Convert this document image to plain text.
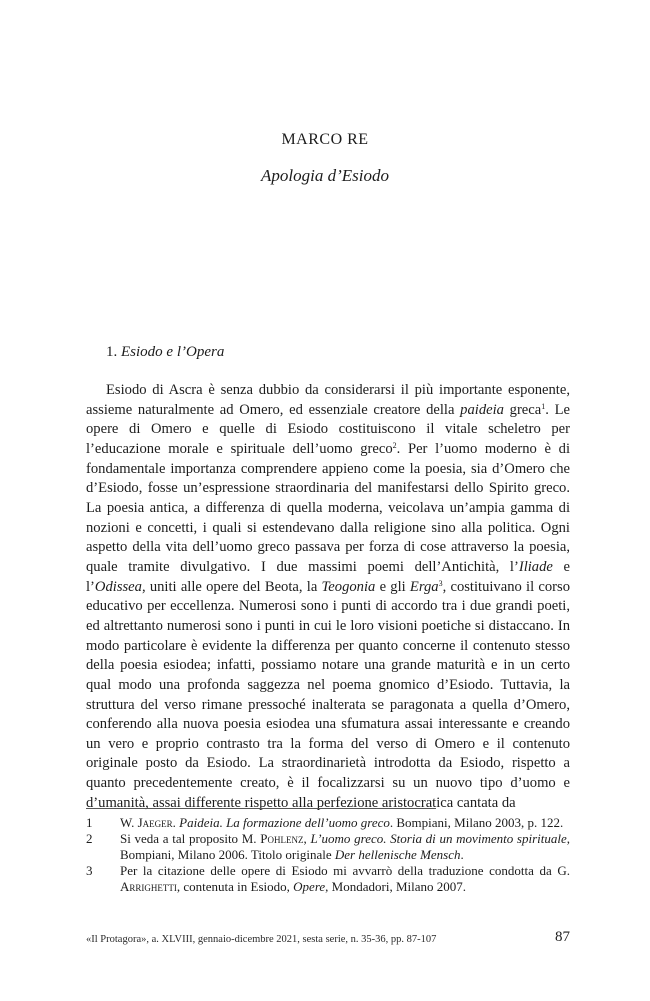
MARCO RE
Apologia d’Esiodo
1. Esiodo e l’Opera

Esiodo di Ascra è senza dubbio da considerarsi il più importante esponente, assieme naturalmente ad Omero, ed essenziale creatore della paideia greca$^1$. Le opere di Omero e quelle di Esiodo costituiscono il vitale scheletro per l’educazione morale e spirituale dell’uomo greco$^2$. Per l’uomo moderno è di fondamentale importanza comprendere appieno come la poesia, sia d’Omero che d’Esiodo, fosse un’espressione straordinaria del manifestarsi dello Spirito greco. La poesia antica, a differenza di quella moderna, veicolava un’ampia gamma di nozioni e concetti, i quali si estendevano dalla religione sino alla politica. Ogni aspetto della vita dell’uomo greco passava per forza di cose attraverso la poesia, quale tramite divulgativo. I due massimi poemi dell’Antichità, l’Iliade e l’Odissea, uniti alle opere del Beota, la Teogonia e gli Erga$^3$, costituivano il corso educativo per eccellenza. Numerosi sono i punti di accordo tra i due grandi poeti, ed altrettanto numerosi sono i punti in cui le loro visioni poetiche si distaccano. In modo particolare è evidente la differenza per quanto concerne il contenuto stesso della poesia esiodea; infatti, possiamo notare una grande maturità e in un certo qual modo una profonda saggezza nel poema gnomico d’Esiodo. Tuttavia, la struttura del verso rimane pressoché inalterata se paragonata a quella d’Omero, conferendo alla nuova poesia esiodea una sfumatura assai interessante e creando un vero e proprio contrasto tra la forma del verso di Omero e il contenuto originale posto da Esiodo. La straordinarietà introdotta da Esiodo, rispetto a quanto precedentemente creato, è il focalizzarsi su un nuovo tipo d’uomo e d’umanità, assai differente rispetto alla perfezione aristocratica cantata da

1	W. Jaeger. Paideia. La formazione dell’uomo greco. Bompiani, Milano 2003, p. 122.
2	Si veda a tal proposito M. Pohlenz, L’uomo greco. Storia di un movimento spirituale, Bompiani, Milano 2006. Titolo originale Der hellenische Mensch.
3	Per la citazione delle opere di Esiodo mi avvarrò della traduzione condotta da G. Arrighetti, contenuta in Esiodo, Opere, Mondadori, Milano 2007.
«Il Protagora», a. XLVIII, gennaio-dicembre 2021, sesta serie, n. 35-36, pp. 87-107	87
